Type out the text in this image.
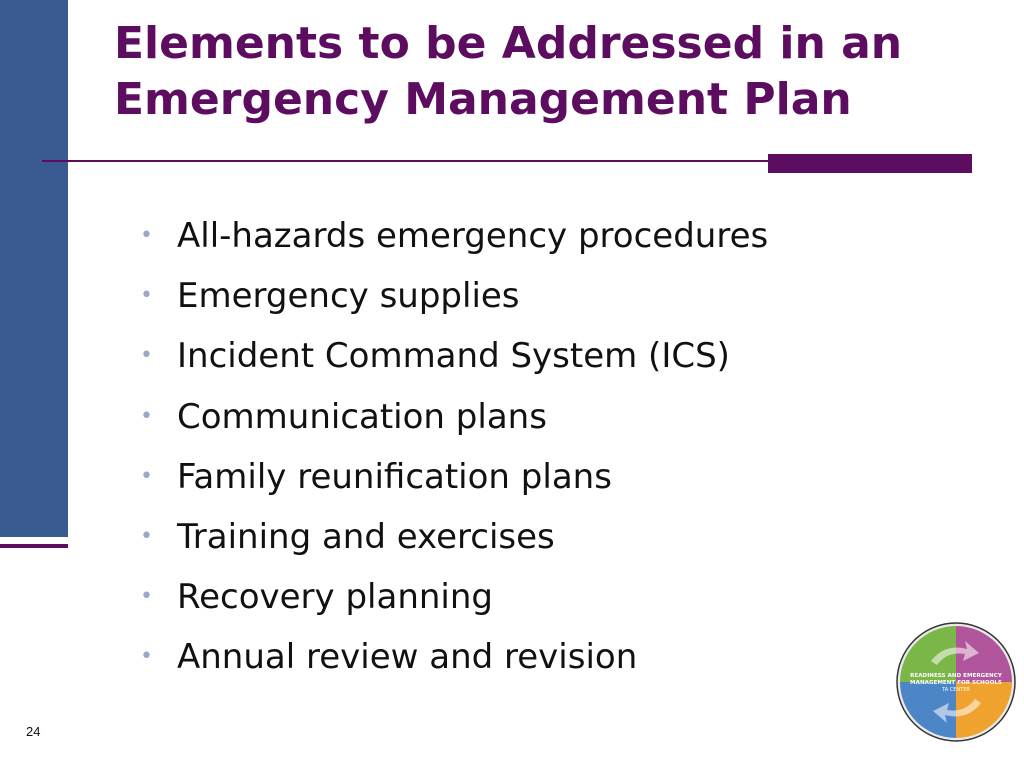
Elements to be Addressed in an
Emergency Management Plan
• All-hazards emergency procedures
• Emergency supplies
• Incident Command System (ICS)
• Communication plans
• Family reunification plans
• Training and exercises
• Recovery planning
• Annual review and revision
24
READINESS AND EMERGENCY
MANAGEMENT FOR SCHOOLS
TA CENTER
